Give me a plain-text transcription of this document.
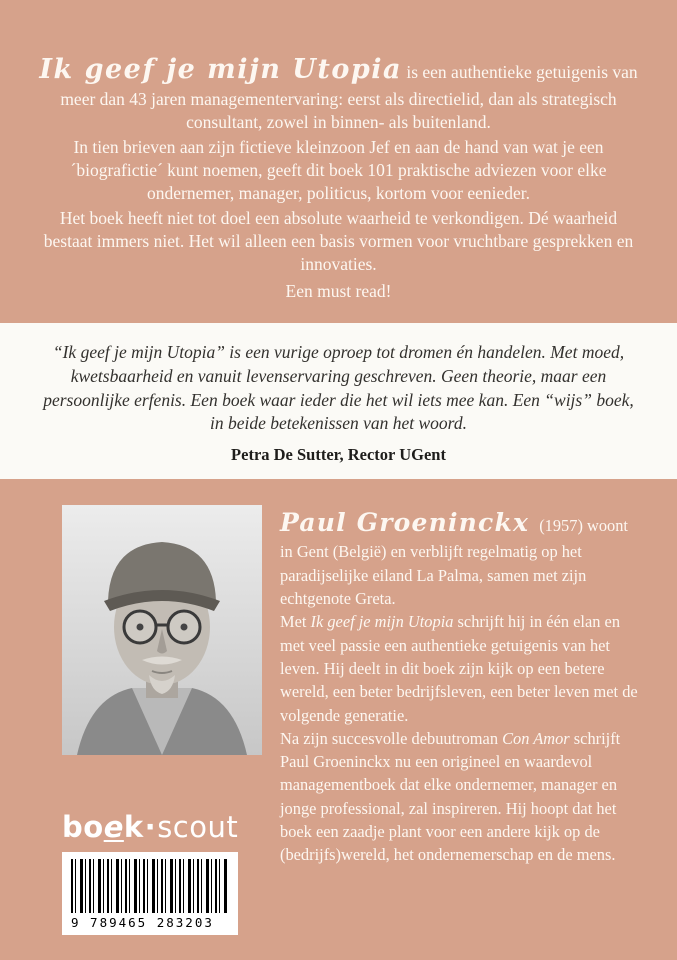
Ik geef je mijn Utopia is een authentieke getuigenis van meer dan 43 jaren managementervaring: eerst als directielid, dan als strategisch consultant, zowel in binnen- als buitenland.

In tien brieven aan zijn fictieve kleinzoon Jef en aan de hand van wat je een ´biografictie´ kunt noemen, geeft dit boek 101 praktische adviezen voor elke ondernemer, manager, politicus, kortom voor eenieder.

Het boek heeft niet tot doel een absolute waarheid te verkondigen. Dé waarheid bestaat immers niet. Het wil alleen een basis vormen voor vruchtbare gesprekken en innovaties.

Een must read!

“Ik geef je mijn Utopia” is een vurige oproep tot dromen én handelen. Met moed, kwetsbaarheid en vanuit levenservaring geschreven. Geen theorie, maar een persoonlijke erfenis. Een boek waar ieder die het wil iets mee kan. Een “wijs” boek, in beide betekenissen van het woord.
Petra De Sutter, Rector UGent
boek·scout
9 789465 283203

Paul Groeninckx (1957) woont in Gent (België) en verblijft regelmatig op het paradijselijke eiland La Palma, samen met zijn echtgenote Greta.

Met Ik geef je mijn Utopia schrijft hij in één elan en met veel passie een authentieke getuigenis van het leven. Hij deelt in dit boek zijn kijk op een betere wereld, een beter bedrijfsleven, een beter leven met de volgende generatie.

Na zijn succesvolle debuutroman Con Amor schrijft Paul Groeninckx nu een origineel en waardevol managementboek dat elke ondernemer, manager en jonge professional, zal inspireren. Hij hoopt dat het boek een zaadje plant voor een andere kijk op de (bedrijfs)wereld, het ondernemerschap en de mens.
